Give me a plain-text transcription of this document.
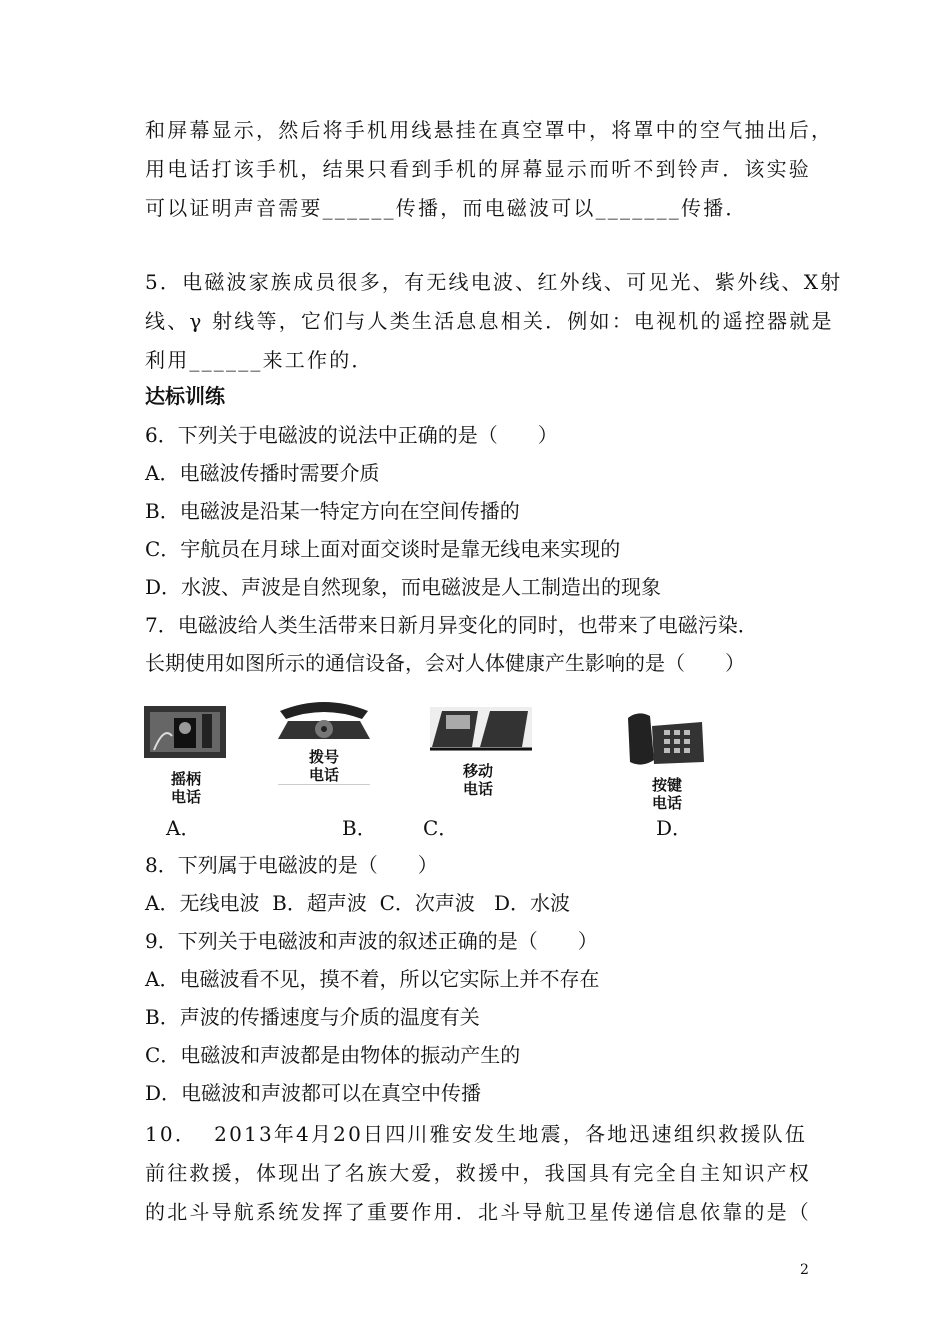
和屏幕显示，然后将手机用线悬挂在真空罩中，将罩中的空气抽出后，
用电话打该手机，结果只看到手机的屏幕显示而听不到铃声．该实验
可以证明声音需要______传播，而电磁波可以_______传播．
5．电磁波家族成员很多，有无线电波、红外线、可见光、紫外线、X射
线、γ 射线等，它们与人类生活息息相关．例如：电视机的遥控器就是
利用______来工作的．
达标训练
6．下列关于电磁波的说法中正确的是（　　）
A．电磁波传播时需要介质
B．电磁波是沿某一特定方向在空间传播的
C．宇航员在月球上面对面交谈时是靠无线电来实现的
D．水波、声波是自然现象，而电磁波是人工制造出的现象
7．电磁波给人类生活带来日新月异变化的同时，也带来了电磁污染．
长期使用如图所示的通信设备，会对人体健康产生影响的是（　　）
摇柄
电话
拨号
电话	移动
电话	按键
电话
A．	B． C．	D．
8．下列属于电磁波的是（　　）
A．无线电波  B．超声波  C．次声波   D．水波
9．下列关于电磁波和声波的叙述正确的是（　　）
A．电磁波看不见，摸不着，所以它实际上并不存在
B．声波的传播速度与介质的温度有关
C．电磁波和声波都是由物体的振动产生的
D．电磁波和声波都可以在真空中传播
10．  2013年4月20日四川雅安发生地震，各地迅速组织救援队伍
前往救援，体现出了名族大爱，救援中，我国具有完全自主知识产权
的北斗导航系统发挥了重要作用．北斗导航卫星传递信息依靠的是（
2
